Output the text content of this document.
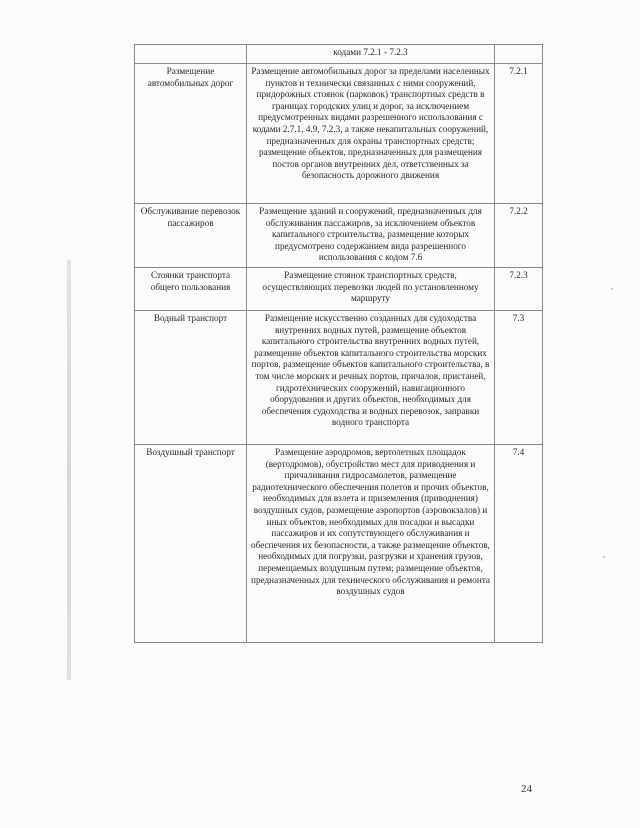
	кодами 7.2.1 - 7.2.3	
Размещение автомобильных дорог	Размещение автомобильных дорог за пределами населенных пунктов и технически связанных с ними сооружений, придорожных стоянок (парковок) транспортных средств в границах городских улиц и дорог, за исключением предусмотренных видами разрешенного использования с кодами 2.7.1, 4.9, 7.2.3, а также некапитальных сооружений, предназначенных для охраны транспортных средств; размещение объектов, предназначенных для размещения постов органов внутренних дел, ответственных за безопасность дорожного движения	7.2.1
Обслуживание перевозок пассажиров	Размещение зданий и сооружений, предназначенных для обслуживания пассажиров, за исключением объектов капитального строительства, размещение которых предусмотрено содержанием вида разрешенного использования с кодом 7.6	7.2.2
Стоянки транспорта общего пользования	Размещение стоянок транспортных средств, осуществляющих перевозки людей по установленному маршруту	7.2.3
Водный транспорт	Размещение искусственно созданных для судоходства внутренних водных путей, размещение объектов капитального строительства внутренних водных путей, размещение объектов капитального строительства морских портов, размещение объектов капитального строительства, в том числе морских и речных портов, причалов, пристаней, гидротехнических сооружений, навигационного оборудования и других объектов, необходимых для обеспечения судоходства и водных перевозок, заправки водного транспорта	7.3
Воздушный транспорт	Размещение аэродромов, вертолетных площадок (вертодромов), обустройство мест для приводнения и причаливания гидросамолетов, размещение радиотехнического обеспечения полетов и прочих объектов, необходимых для взлета и приземления (приводнения) воздушных судов, размещение аэропортов (аэровокзалов) и иных объектов, необходимых для посадки и высадки пассажиров и их сопутствующего обслуживания и обеспечения их безопасности, а также размещение объектов, необходимых для погрузки, разгрузки и хранения грузов, перемещаемых воздушным путем; размещение объектов, предназначенных для технического обслуживания и ремонта воздушных судов	7.4
24
